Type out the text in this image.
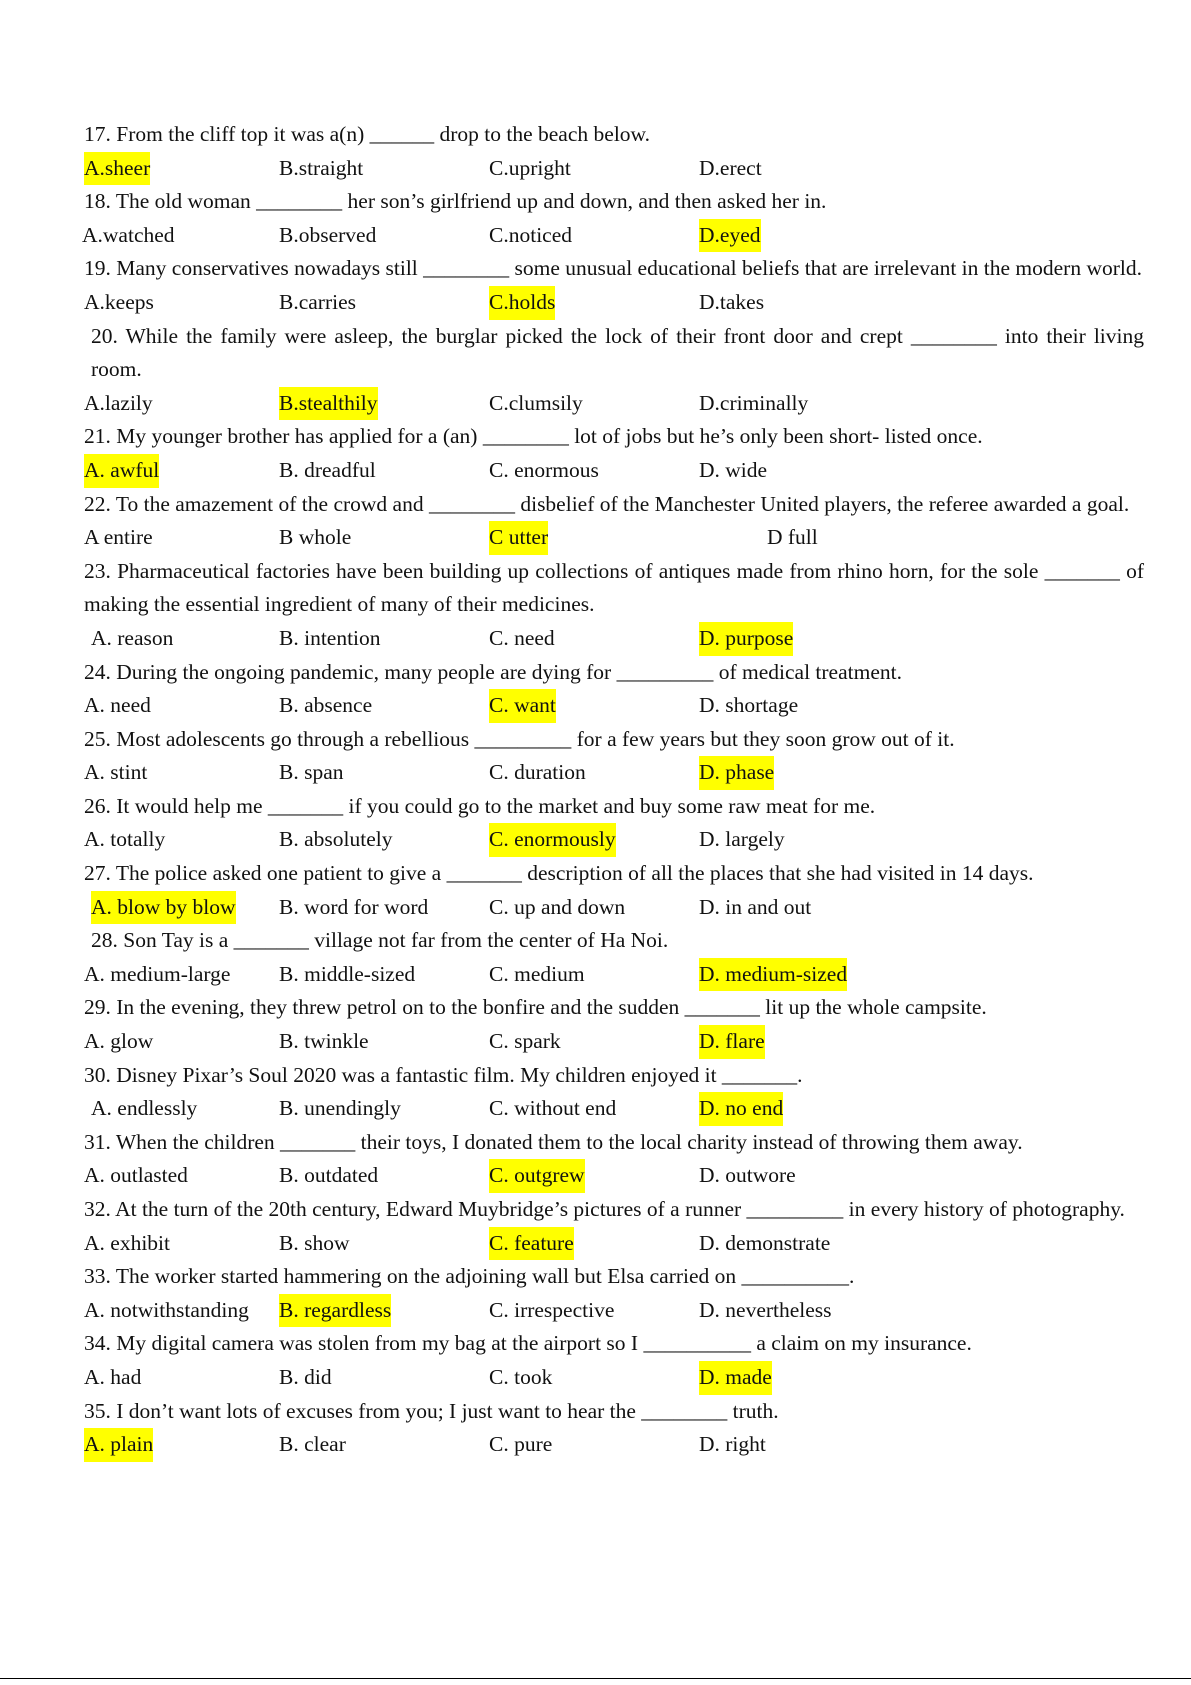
17. From the cliff top it was a(n) ______ drop to the beach below.

A.sheer	B.straight	C.upright	D.erect

18. The old woman ________ her son’s girlfriend up and down, and then asked her in.

A.watched	B.observed	C.noticed	D.eyed

19. Many conservatives nowadays still ________ some unusual educational beliefs that are irrelevant in the modern world.

A.keeps	B.carries	C.holds	D.takes

20. While the family were asleep, the burglar picked the lock of their front door and crept ________ into their living room.

A.lazily	B.stealthily	C.clumsily	D.criminally

21. My younger brother has applied for a (an) ________ lot of jobs but he’s only been short- listed once.

A. awful	B. dreadful	C. enormous	D. wide

22. To the amazement of the crowd and ________ disbelief of the Manchester United players, the referee awarded a goal.

A entire	B whole	C utter	D full

23. Pharmaceutical factories have been building up collections of antiques made from rhino horn, for the sole _______ of making the essential ingredient of many of their medicines.

A. reason	B. intention	C. need	D. purpose

24. During the ongoing pandemic, many people are dying for _________ of medical treatment.

A. need	B. absence	C. want	D. shortage

25. Most adolescents go through a rebellious _________ for a few years but they soon grow out of it.

A. stint	B. span	C. duration	D. phase

26. It would help me _______ if you could go to the market and buy some raw meat for me.

A. totally	B. absolutely	C. enormously	D. largely

27. The police asked one patient to give a _______ description of all the places that she had visited in 14 days.

A. blow by blow B. word for word	C. up and down	D. in and out

28. Son Tay is a _______ village not far from the center of Ha Noi.

A. medium-large B. middle-sized	C. medium	D. medium-sized

29. In the evening, they threw petrol on to the bonfire and the sudden _______ lit up the whole campsite.

A. glow	B. twinkle	C. spark	D. flare

30. Disney Pixar’s Soul 2020 was a fantastic film. My children enjoyed it _______.

A. endlessly	B. unendingly	C. without end	D. no end

31. When the children _______ their toys, I donated them to the local charity instead of throwing them away.

A. outlasted	B. outdated	C. outgrew	D. outwore

32. At the turn of the 20th century, Edward Muybridge’s pictures of a runner _________ in every history of photography.

A. exhibit	B. show	C. feature	D. demonstrate

33. The worker started hammering on the adjoining wall but Elsa carried on __________.

A. notwithstanding B. regardless	C. irrespective	D. nevertheless

34. My digital camera was stolen from my bag at the airport so I __________ a claim on my insurance.

A. had	B. did	C. took	D. made

35. I don’t want lots of excuses from you; I just want to hear the ________ truth.

A. plain	B. clear	C. pure	D. right
